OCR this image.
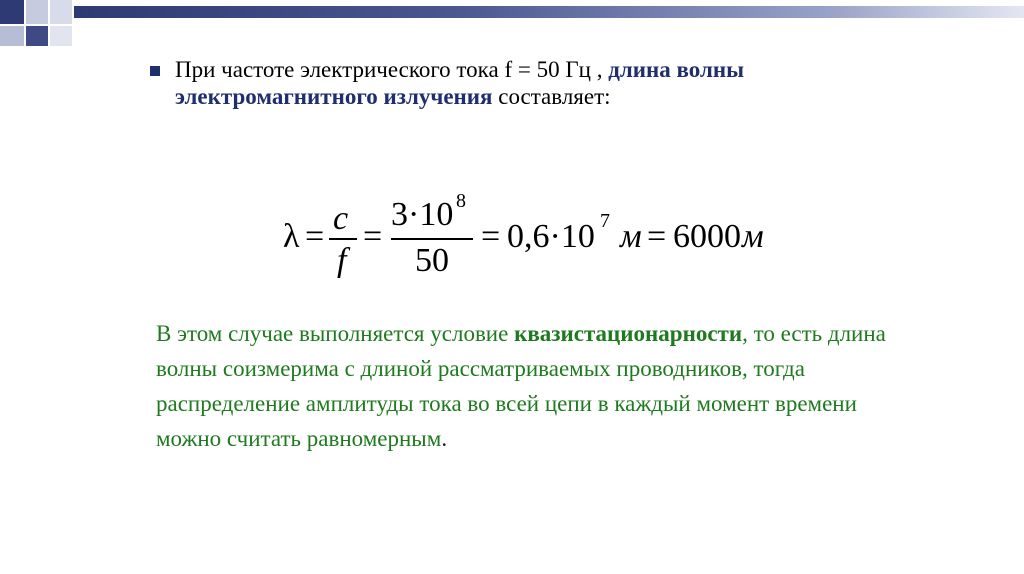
При частоте электрического тока f = 50 Гц , длина волны электромагнитного излучения составляет:
λ = c
f
=
3·10 8
50
= 0,6·10 7 м = 6000 м
В этом случае выполняется условие квазистационарности, то есть длина волны соизмерима с длиной рассматриваемых проводников, тогда распределение амплитуды тока во всей цепи в каждый момент времени можно считать равномерным.
